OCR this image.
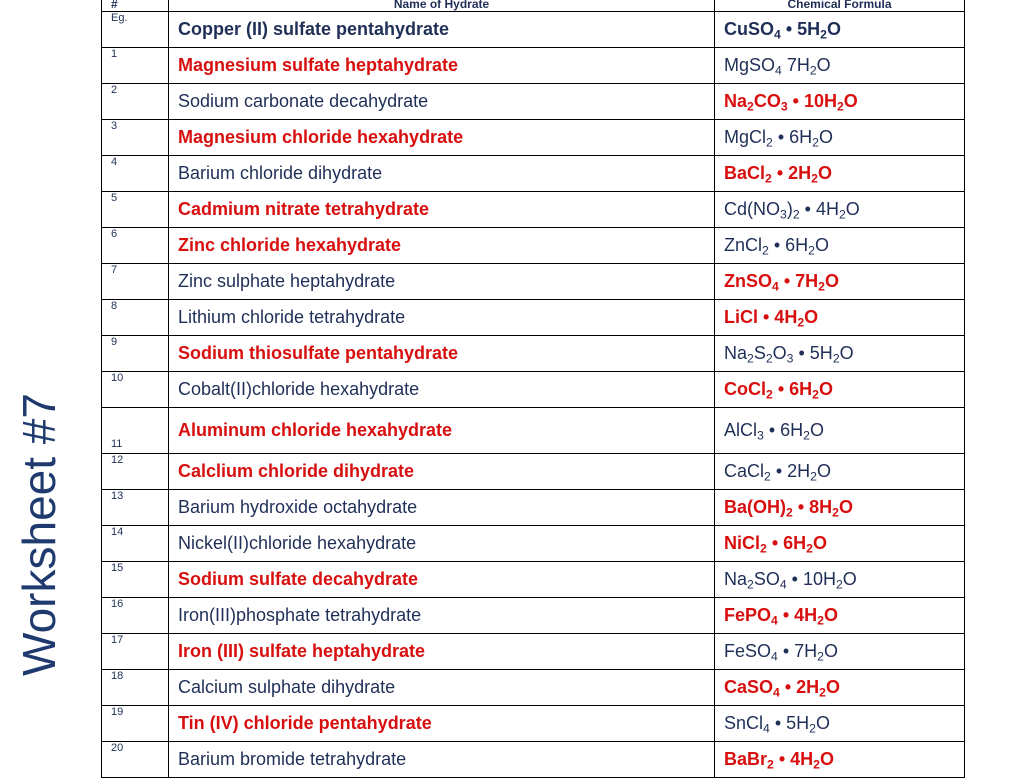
Worksheet #7
#	Name of Hydrate	Chemical Formula
Eg.	Copper (II) sulfate pentahydrate	CuSO$_4$ • $5H_2O$
1	Magnesium sulfate heptahydrate	MgSO$_4$ $7H_2O$
2	Sodium carbonate decahydrate	$Na_2CO_3$ • $10H_2O$
3	Magnesium chloride hexahydrate	MgCl$_2$ • $6H_2O$
4	Barium chloride dihydrate	BaCl$_2$ • $2H_2O$
5	Cadmium nitrate tetrahydrate	$Cd(NO_3)_2$ • $4H_2O$
6	Zinc chloride hexahydrate	ZnCl$_2$ • $6H_2O$
7	Zinc sulphate heptahydrate	ZnSO$_4$ • $7H_2O$
8	Lithium chloride tetrahydrate	LiCl • $4H_2O$
9	Sodium thiosulfate pentahydrate	$Na_2S_2O_3$ • $5H_2O$
10	Cobalt(II)chloride hexahydrate	CoCl$_2$ • $6H_2O$
11	Aluminum chloride hexahydrate	AlCl$_3$ • $6H_2O$
12	Calclium chloride dihydrate	CaCl$_2$ • $2H_2O$
13	Barium hydroxide octahydrate	$Ba(OH)_2$ • $8H_2O$
14	Nickel(II)chloride hexahydrate	NiCl$_2$ • $6H_2O$
15	Sodium sulfate decahydrate	$Na_2SO_4$ • $10H_2O$
16	Iron(III)phosphate tetrahydrate	FePO$_4$ • $4H_2O$
17	Iron (III) sulfate heptahydrate	FeSO$_4$ • $7H_2O$
18	Calcium sulphate dihydrate	CaSO$_4$ • $2H_2O$
19	Tin (IV) chloride pentahydrate	SnCl$_4$ • $5H_2O$
20	Barium bromide tetrahydrate	BaBr$_2$ • $4H_2O$
